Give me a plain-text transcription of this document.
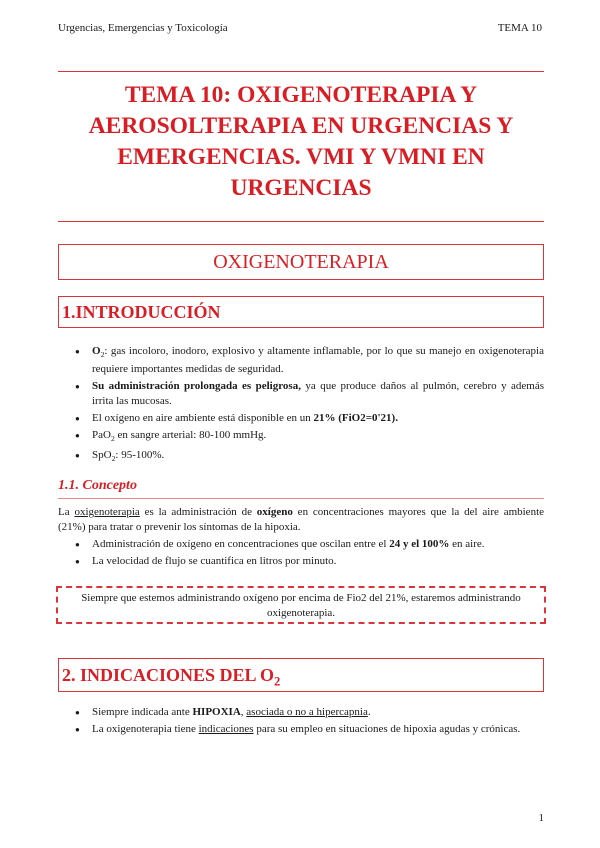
Urgencias, Emergencias y Toxicología	TEMA 10
TEMA 10: OXIGENOTERAPIA Y AEROSOLTERAPIA EN URGENCIAS Y EMERGENCIAS. VMI Y VMNI EN URGENCIAS
OXIGENOTERAPIA
1.INTRODUCCIÓN
● $O_2$: gas incoloro, inodoro, explosivo y altamente inflamable, por lo que su manejo en oxigenoterapia requiere importantes medidas de seguridad.
● Su administración prolongada es peligrosa, ya que produce daños al pulmón, cerebro y además irrita las mucosas.
● El oxígeno en aire ambiente está disponible en un 21% (FiO2=0'21).
● PaO$_2$ en sangre arterial: 80-100 mmHg.
● SpO$_2$: 95-100%.
1.1. Concepto

La oxigenoterapia es la administración de oxígeno en concentraciones mayores que la del aire ambiente (21%) para tratar o prevenir los síntomas de la hipoxia.

● Administración de oxígeno en concentraciones que oscilan entre el 24 y el 100% en aire.
● La velocidad de flujo se cuantifica en litros por minuto.
Siempre que estemos administrando oxígeno por encima de Fio2 del 21%, estaremos administrando oxigenoterapia.
2. INDICACIONES DEL $O_2$
● Siempre indicada ante HIPOXIA, asociada o no a hipercapnia.
● La oxigenoterapia tiene indicaciones para su empleo en situaciones de hipoxia agudas y crónicas.
1
